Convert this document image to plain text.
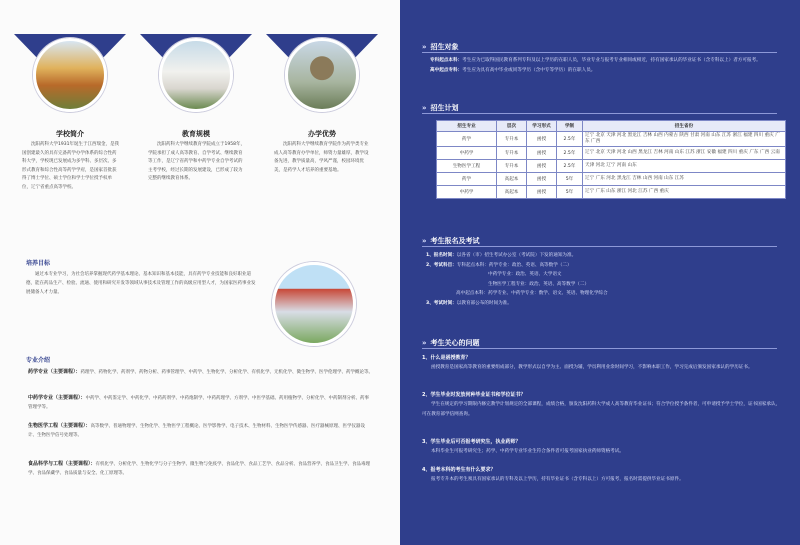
学校简介
沈阳药科大学1931年诞生于江西瑞金，是我国创建最久的具有完备药学办学体系的综合性药科大学，学校现已发展成为多学科、多层次、多形式教育和综合性高等药学学府，是国家首批获得了博士学位、硕士学位和学士学位授予权单位，辽宁省重点高等学校。
教育规模
沈阳药科大学继续教育学院成立于1958年，学院承担了成人高等教育、自学考试、继续教育等工作，是辽宁省药学和中药学专业自学考试的主考学校，经过长期的发展建设，已形成了较为完整的继续教育体系。
办学优势
沈阳药科大学继续教育学院作为药学类专业成人高等教育办学单位，师资力量雄厚，教学设备先进，教学质量高，学风严谨，校园环境优美，是药学人才培养的重要基地。
培养目标
通过本专业学习，为社会培养掌握现代药学基本理论、基本知识和基本技能，具有药学专业技能和良好职业道德，能在药品生产、检验、流通、使用和研究开发等领域从事技术及管理工作的高级应用型人才，为国家医药事业发展储备人才力量。
专业介绍
药学专业（主要课程）：药理学、药物化学、药剂学、药物分析、药事管理学、中药学、生物化学、分析化学、有机化学、无机化学、微生物学、医学伦理学、药学概论等。
中药学专业（主要课程）：中药学、中药鉴定学、中药化学、中药药剂学、中药炮制学、中药药理学、方剂学、中医学基础、药用植物学、分析化学、中药制剂分析、药事管理学等。
生物医学工程（主要课程）：高等数学、普通物理学、生物化学、生物医学工程概论、医学影像学、电子技术、生物材料、生物医学传感器、医疗器械原理、医学仪器设计、生物医学信号处理等。
食品科学与工程（主要课程）：有机化学、分析化学、生物化学与分子生物学、微生物与免疫学、食品化学、食品工艺学、食品分析、食品营养学、食品卫生学、食品毒理学、食品保藏学、食品质量与安全、化工原理等。
» 招生对象
专科起点本科：考生应为已取得国民教育系列专科及以上学历的在职人员，毕业专业与报考专业相同或相近，持有国家承认的毕业证书（含专科以上）者方可报考。
高中起点专科：考生应为具有高中毕业或同等学历（含中专等学历）的在职人员。
» 招生计划
招生专业	层次	学习形式	学制	招生省份
药学	专升本	函授	2.5年	辽宁 北京 天津 河北 黑龙江 吉林 山西 内蒙古 陕西 甘肃 河南 山东 江苏 浙江 福建 四川 重庆 广东 广西
中药学	专升本	函授	2.5年	辽宁 北京 天津 河北 山西 黑龙江 吉林 河南 山东 江苏 浙江 安徽 福建 四川 重庆 广东 广西 云南
生物医学工程	专升本	函授	2.5年	天津 河北 辽宁 河南 山东
药学	高起本	函授	5年	辽宁 广东 河北 黑龙江 吉林 山西 河南 山东 江苏
中药学	高起本	函授	5年	辽宁 广东 山东 浙江 河北 江苏 广西 重庆
» 考生报名及考试
1、报名时间：以各省（市）招生考试办公室（考试院）下发的通知为准。
2、考试科目：专科起点本科：药学专业：政治、英语、高等数学（二）
中药学专业：政治、英语、大学语文
生物医学工程专业：政治、英语、高等数学（二）
高中起点本科：药学专业、中药学专业：数学、语文、英语、物理化学综合
3、考试时间：以教育部公布的时间为准。
» 考生关心的问题
1、什么是函授教育？
函授教育是国家高等教育的重要组成部分，教学形式以自学为主、面授为辅，学员利用业余时间学习，不影响本职工作，学习完成后颁发国家承认的学历证书。
2、学生毕业时发放何种毕业证书和学位证书？
学生在规定的学习期限内修完教学计划规定的全部课程，成绩合格，颁发沈阳药科大学成人高等教育毕业证书；符合学位授予条件者，可申请授予学士学位，证书国家承认，可在教育部学信网查询。
3、学生毕业后可否报考研究生，执业药师？
本科毕业生可报考研究生；药学、中药学专业毕业生符合条件者可报考国家执业药师资格考试。
4、报考本科的考生有什么要求？
报考专升本的考生须具有国家承认的专科及以上学历，持有毕业证书（含专科以上）方可报考，报名时需提供毕业证书原件。
